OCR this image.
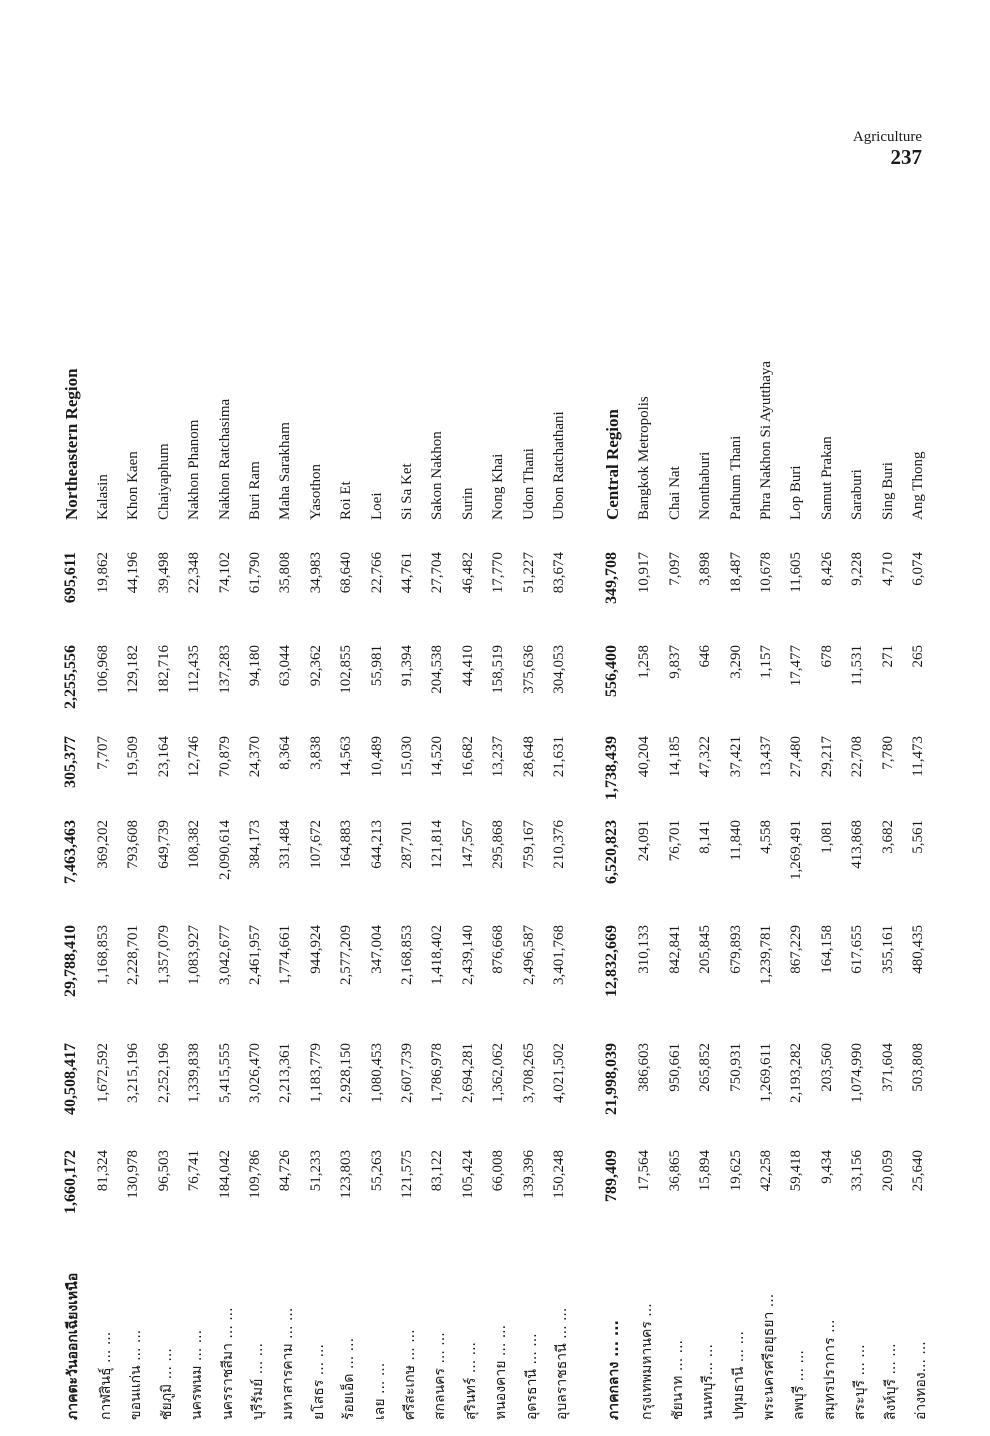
Agriculture
237
ภาคตะวันออกเฉียงเหนือ
1,660,172
40,508,417
29,788,410
7,463,463
305,377
2,255,556
695,611
Northeastern Region
กาฬสินธุ์ ... ...
81,324
1,672,592
1,168,853
369,202
7,707
106,968
19,862
Kalasin
ขอนแก่น ... ...
130,978
3,215,196
2,228,701
793,608
19,509
129,182
44,196
Khon Kaen
ชัยภูมิ ... ...
96,503
2,252,196
1,357,079
649,739
23,164
182,716
39,498
Chaiyaphum
นครพนม ... ...
76,741
1,339,838
1,083,927
108,382
12,746
112,435
22,348
Nakhon Phanom
นครราชสีมา ... ...
184,042
5,415,555
3,042,677
2,090,614
70,879
137,283
74,102
Nakhon Ratchasima
บุรีรัมย์ ... ...
109,786
3,026,470
2,461,957
384,173
24,370
94,180
61,790
Buri Ram
มหาสารคาม ... ...
84,726
2,213,361
1,774,661
331,484
8,364
63,044
35,808
Maha Sarakham
ยโสธร ... ...
51,233
1,183,779
944,924
107,672
3,838
92,362
34,983
Yasothon
ร้อยเอ็ด ... ...
123,803
2,928,150
2,577,209
164,883
14,563
102,855
68,640
Roi Et
เลย ... ...
55,263
1,080,453
347,004
644,213
10,489
55,981
22,766
Loei
ศรีสะเกษ ... ...
121,575
2,607,739
2,168,853
287,701
15,030
91,394
44,761
Si Sa Ket
สกลนคร ... ...
83,122
1,786,978
1,418,402
121,814
14,520
204,538
27,704
Sakon Nakhon
สุรินทร์ ... ...
105,424
2,694,281
2,439,140
147,567
16,682
44,410
46,482
Surin
หนองคาย ... ...
66,008
1,362,062
876,668
295,868
13,237
158,519
17,770
Nong Khai
อุดรธานี ... ...
139,396
3,708,265
2,496,587
759,167
28,648
375,636
51,227
Udon Thani
อุบลราชธานี ... ...
150,248
4,021,502
3,401,768
210,376
21,631
304,053
83,674
Ubon Ratchathani
ภาคกลาง ... ...
789,409
21,998,039
12,832,669
6,520,823
1,738,439
556,400
349,708
Central Region
กรุงเทพมหานคร ...
17,564
386,603
310,133
24,091
40,204
1,258
10,917
Bangkok Metropolis
ชัยนาท ... ...
36,865
950,661
842,841
76,701
14,185
9,837
7,097
Chai Nat
นนทบุรี... ...
15,894
265,852
205,845
8,141
47,322
646
3,898
Nonthaburi
ปทุมธานี ... ...
19,625
750,931
679,893
11,840
37,421
3,290
18,487
Pathum Thani
พระนครศรีอยุธยา ...
42,258
1,269,611
1,239,781
4,558
13,437
1,157
10,678
Phra Nakhon Si Ayutthaya
ลพบุรี ... ...
59,418
2,193,282
867,229
1,269,491
27,480
17,477
11,605
Lop Buri
สมุทรปราการ ...
9,434
203,560
164,158
1,081
29,217
678
8,426
Samut Prakan
สระบุรี ... ...
33,156
1,074,990
617,655
413,868
22,708
11,531
9,228
Saraburi
สิงห์บุรี ... ...
20,059
371,604
355,161
3,682
7,780
271
4,710
Sing Buri
อ่างทอง... ...
25,640
503,808
480,435
5,561
11,473
265
6,074
Ang Thong
